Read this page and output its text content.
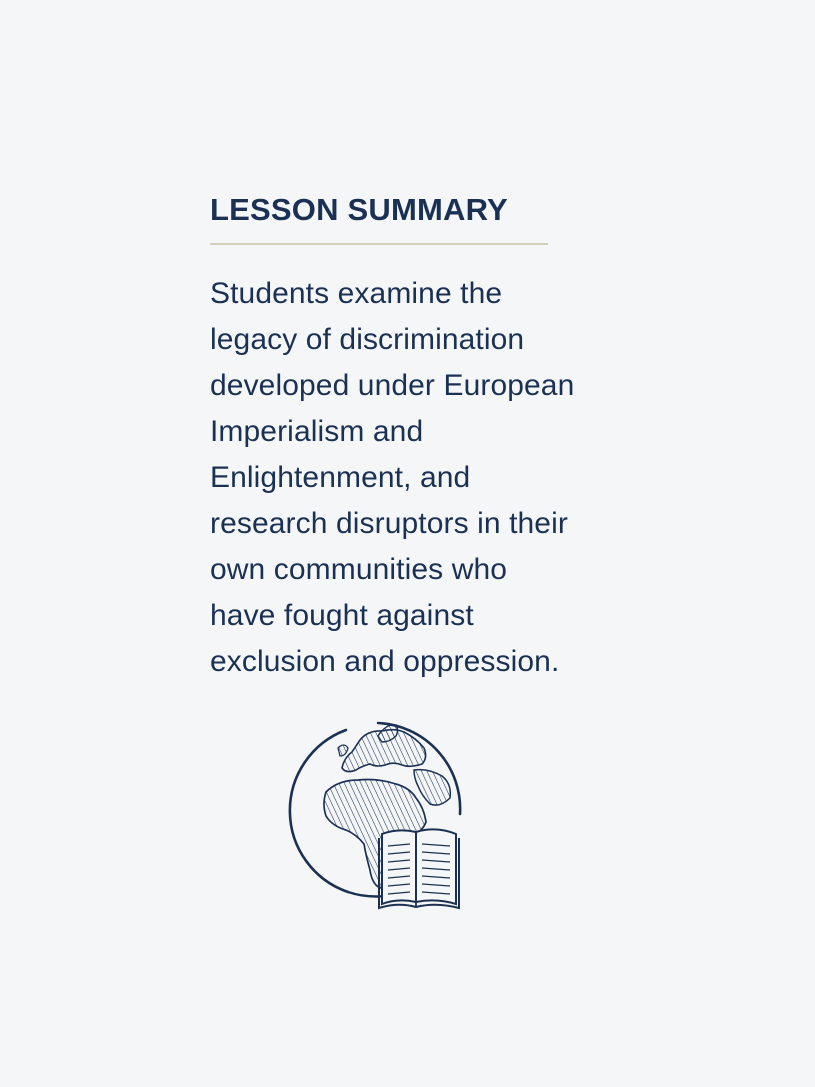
LESSON SUMMARY
Students examine the
legacy of discrimination
developed under European
Imperialism and
Enlightenment, and
research disruptors in their
own communities who
have fought against
exclusion and oppression.
